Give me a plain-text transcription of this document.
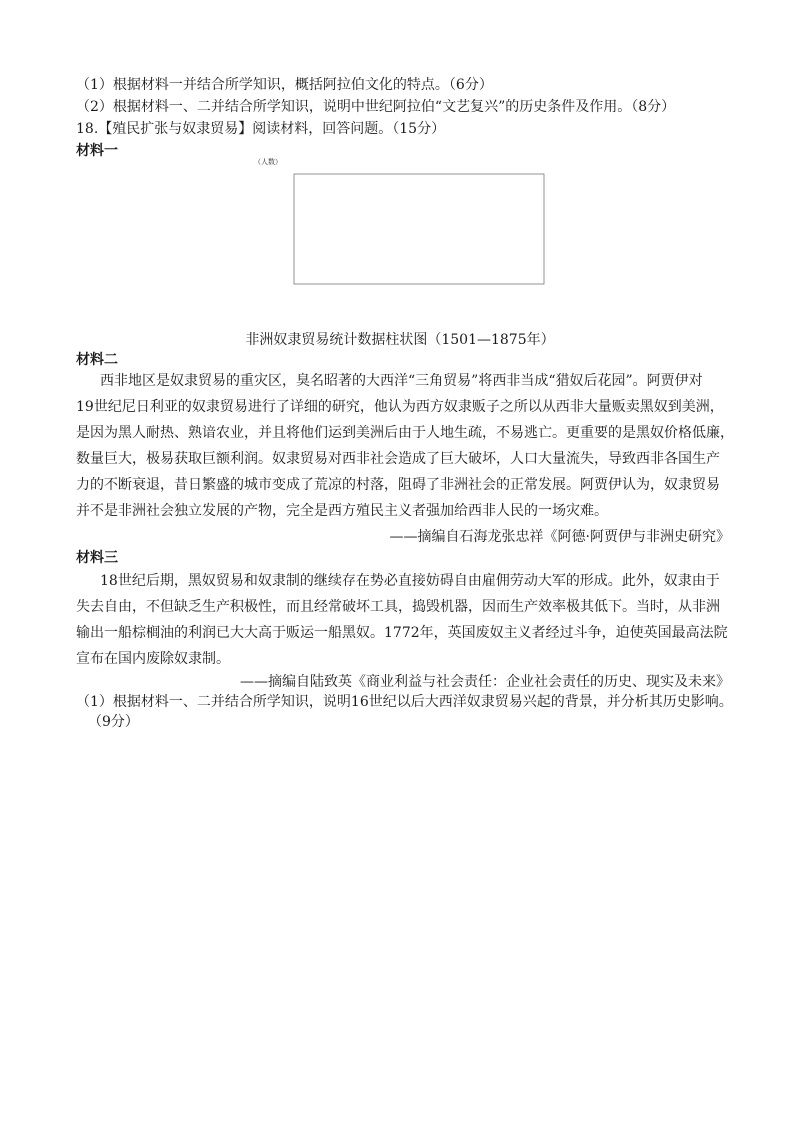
（1）根据材料一并结合所学知识，概括阿拉伯文化的特点。（6分）
（2）根据材料一、二并结合所学知识，说明中世纪阿拉伯“文艺复兴”的历史条件及作用。（8分）
18.【殖民扩张与奴隶贸易】阅读材料，回答问题。（15分）
材料一
（人数）
非洲奴隶贸易统计数据柱状图（1501—1875年）
材料二
西非地区是奴隶贸易的重灾区，臭名昭著的大西洋“三角贸易”将西非当成“猎奴后花园”。阿贾伊对
19世纪尼日利亚的奴隶贸易进行了详细的研究，他认为西方奴隶贩子之所以从西非大量贩卖黑奴到美洲，
是因为黑人耐热、熟谙农业，并且将他们运到美洲后由于人地生疏，不易逃亡。更重要的是黑奴价格低廉，
数量巨大，极易获取巨额利润。奴隶贸易对西非社会造成了巨大破坏，人口大量流失，导致西非各国生产
力的不断衰退，昔日繁盛的城市变成了荒凉的村落，阻碍了非洲社会的正常发展。阿贾伊认为，奴隶贸易
并不是非洲社会独立发展的产物，完全是西方殖民主义者强加给西非人民的一场灾难。
——摘编自石海龙张忠祥《阿德·阿贾伊与非洲史研究》
材料三
18世纪后期，黑奴贸易和奴隶制的继续存在势必直接妨碍自由雇佣劳动大军的形成。此外，奴隶由于
失去自由，不但缺乏生产积极性，而且经常破坏工具，捣毁机器，因而生产效率极其低下。当时，从非洲
输出一船棕榈油的利润已大大高于贩运一船黑奴。1772年，英国废奴主义者经过斗争，迫使英国最高法院
宣布在国内废除奴隶制。
——摘编自陆致英《商业利益与社会责任：企业社会责任的历史、现实及未来》
（1）根据材料一、二并结合所学知识，说明16世纪以后大西洋奴隶贸易兴起的背景，并分析其历史影响。
（9分）
